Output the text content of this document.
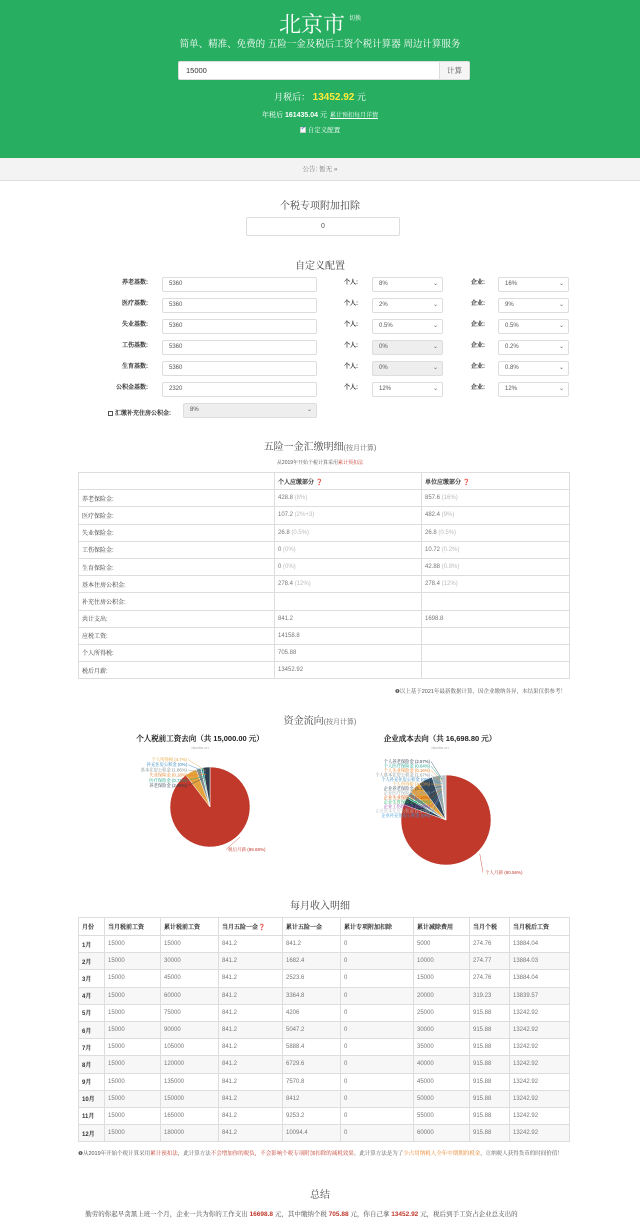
北京市 $^{切换}$
简单、精准、免费的 五险一金及税后工资个税计算器 周边计算服务
15000
计算
月税后： 13452.92 元
年税后 161435.04 元 累计预扣每月详情
✓自定义配置
公告: 暂无 »
个税专项附加扣除
0
自定义配置
养老基数:	5360	个人:	8%	⌄	企业:	16%	⌄
医疗基数:	5360	个人:	2%	⌄	企业:	9%	⌄
失业基数:	5360	个人:	0.5%	⌄	企业:	0.5%	⌄
工伤基数:	5360	个人:	0%	⌄	企业:	0.2%	⌄
生育基数:	5360	个人:	0%	⌄	企业:	0.8%	⌄
公积金基数:	2320	个人:	12%	⌄	企业:	12%	⌄
汇缴补充住房公积金:
8%	⌄
五险一金汇缴明细(按月计算)
从2019年开始个税计算采用累计预扣法
	个人应缴部分 ❓	单位应缴部分 ❓
养老保险金:	428.8 (8%)	857.6 (16%)
医疗保险金:	107.2 (2%+3)	482.4 (9%)
失业保险金:	26.8 (0.5%)	26.8 (0.5%)
工伤保险金:	0 (0%)	10.72 (0.2%)
生育保险金:	0 (0%)	42.88 (0.8%)
基本住房公积金:	278.4 (12%)	278.4 (12%)
补充住房公积金:		
共计支出:	841.2	1698.8
应税工资:	14158.8	
个人所得税:	705.88	
税后月薪:	13452.92	
❶以上基于2021年最新数据计算，因企业缴纳各异，本结果仅供参考！
资金流向(按月计算)
个人税前工资去向（共 15,000.00 元）
hkcdm.cn
企业成本去向（共 16,698.80 元）
hkcdm.cn
个人所得税 (4.7%)
补充住房公积金 (0%)
基本住房公积金 (1.86%)
失业保险金 (0.18%)
医疗保险金 (0.71%)
养老保险金 (2.86%)
税后月薪 (89.69%)
个人养老保险金 (2.57%)
个人医疗保险金 (0.64%)
个人失业保险金 (0.16%)
个人基本住房公积金 (1.67%)
个人补充住房公积金 (0%)
个人所得税 (4.23%)
企业养老保险金 (5.14%)
企业医疗保险金 (2.89%)
企业失业保险金 (0.16%)
企业生育保险金 (0.26%)
企业工伤保险金 (0.06%)
企业基本住房公积金 (1.67%)
企业补充住房公积金 (0%)
个人月薪 (80.56%)
每月收入明细
月份	当月税前工资	累计税前工资	当月五险一金❓	累计五险一金	累计专项附加扣除	累计减除费用	当月个税	当月税后工资
1月	15000	15000	841.2	841.2	0	5000	274.76	13884.04
2月	15000	30000	841.2	1682.4	0	10000	274.77	13884.03
3月	15000	45000	841.2	2523.6	0	15000	274.76	13884.04
4月	15000	60000	841.2	3364.8	0	20000	319.23	13839.57
5月	15000	75000	841.2	4206	0	25000	915.88	13242.92
6月	15000	90000	841.2	5047.2	0	30000	915.88	13242.92
7月	15000	105000	841.2	5888.4	0	35000	915.88	13242.92
8月	15000	120000	841.2	6729.6	0	40000	915.88	13242.92
9月	15000	135000	841.2	7570.8	0	45000	915.88	13242.92
10月	15000	150000	841.2	8412	0	50000	915.88	13242.92
11月	15000	165000	841.2	9253.2	0	55000	915.88	13242.92
12月	15000	180000	841.2	10094.4	0	60000	915.88	13242.92
❶从2019年开始个税计算采用累计预扣法，此计算方法不会增加你的税负，不会影响个税专项附加扣除的减税效果。此计算方法是为了少占用纳税人全年中期期的税金，让纳税人获得货币的时间价值！
总结
勤劳的你起早贪黑上班一个月，企业一共为你的工作支出 16698.8 元，其中缴纳个税 705.88 元，你自己拿 13452.92 元，税后到手工资占企业总支出的
